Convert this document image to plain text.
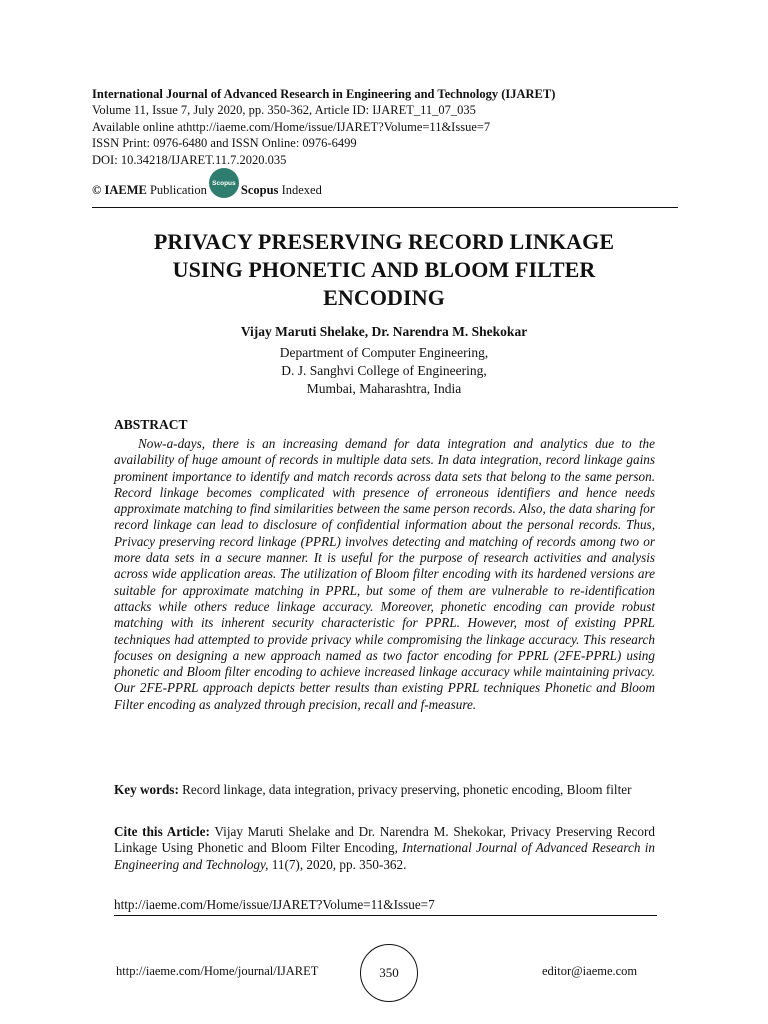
International Journal of Advanced Research in Engineering and Technology (IJARET)
Volume 11, Issue 7, July 2020, pp. 350-362, Article ID: IJARET_11_07_035
Available online athttp://iaeme.com/Home/issue/IJARET?Volume=11&Issue=7
ISSN Print: 0976-6480 and ISSN Online: 0976-6499
DOI: 10.34218/IJARET.11.7.2020.035
© IAEME Publication Scopus Scopus Indexed
PRIVACY PRESERVING RECORD LINKAGE
USING PHONETIC AND BLOOM FILTER
ENCODING
Vijay Maruti Shelake, Dr. Narendra M. Shekokar
Department of Computer Engineering,
D. J. Sanghvi College of Engineering,
Mumbai, Maharashtra, India
ABSTRACT

Now-a-days, there is an increasing demand for data integration and analytics due to the availability of huge amount of records in multiple data sets. In data integration, record linkage gains prominent importance to identify and match records across data sets that belong to the same person. Record linkage becomes complicated with presence of erroneous identifiers and hence needs approximate matching to find similarities between the same person records. Also, the data sharing for record linkage can lead to disclosure of confidential information about the personal records. Thus, Privacy preserving record linkage (PPRL) involves detecting and matching of records among two or more data sets in a secure manner. It is useful for the purpose of research activities and analysis across wide application areas. The utilization of Bloom filter encoding with its hardened versions are suitable for approximate matching in PPRL, but some of them are vulnerable to re-identification attacks while others reduce linkage accuracy. Moreover, phonetic encoding can provide robust matching with its inherent security characteristic for PPRL. However, most of existing PPRL techniques had attempted to provide privacy while compromising the linkage accuracy. This research focuses on designing a new approach named as two factor encoding for PPRL (2FE-PPRL) using phonetic and Bloom filter encoding to achieve increased linkage accuracy while maintaining privacy. Our 2FE-PPRL approach depicts better results than existing PPRL techniques Phonetic and Bloom Filter encoding as analyzed through precision, recall and f-measure.

Key words: Record linkage, data integration, privacy preserving, phonetic encoding, Bloom filter
Cite this Article: Vijay Maruti Shelake and Dr. Narendra M. Shekokar, Privacy Preserving Record Linkage Using Phonetic and Bloom Filter Encoding, International Journal of Advanced Research in Engineering and Technology, 11(7), 2020, pp. 350-362.
http://iaeme.com/Home/issue/IJARET?Volume=11&Issue=7
http://iaeme.com/Home/journal/IJARET	350	editor@iaeme.com
